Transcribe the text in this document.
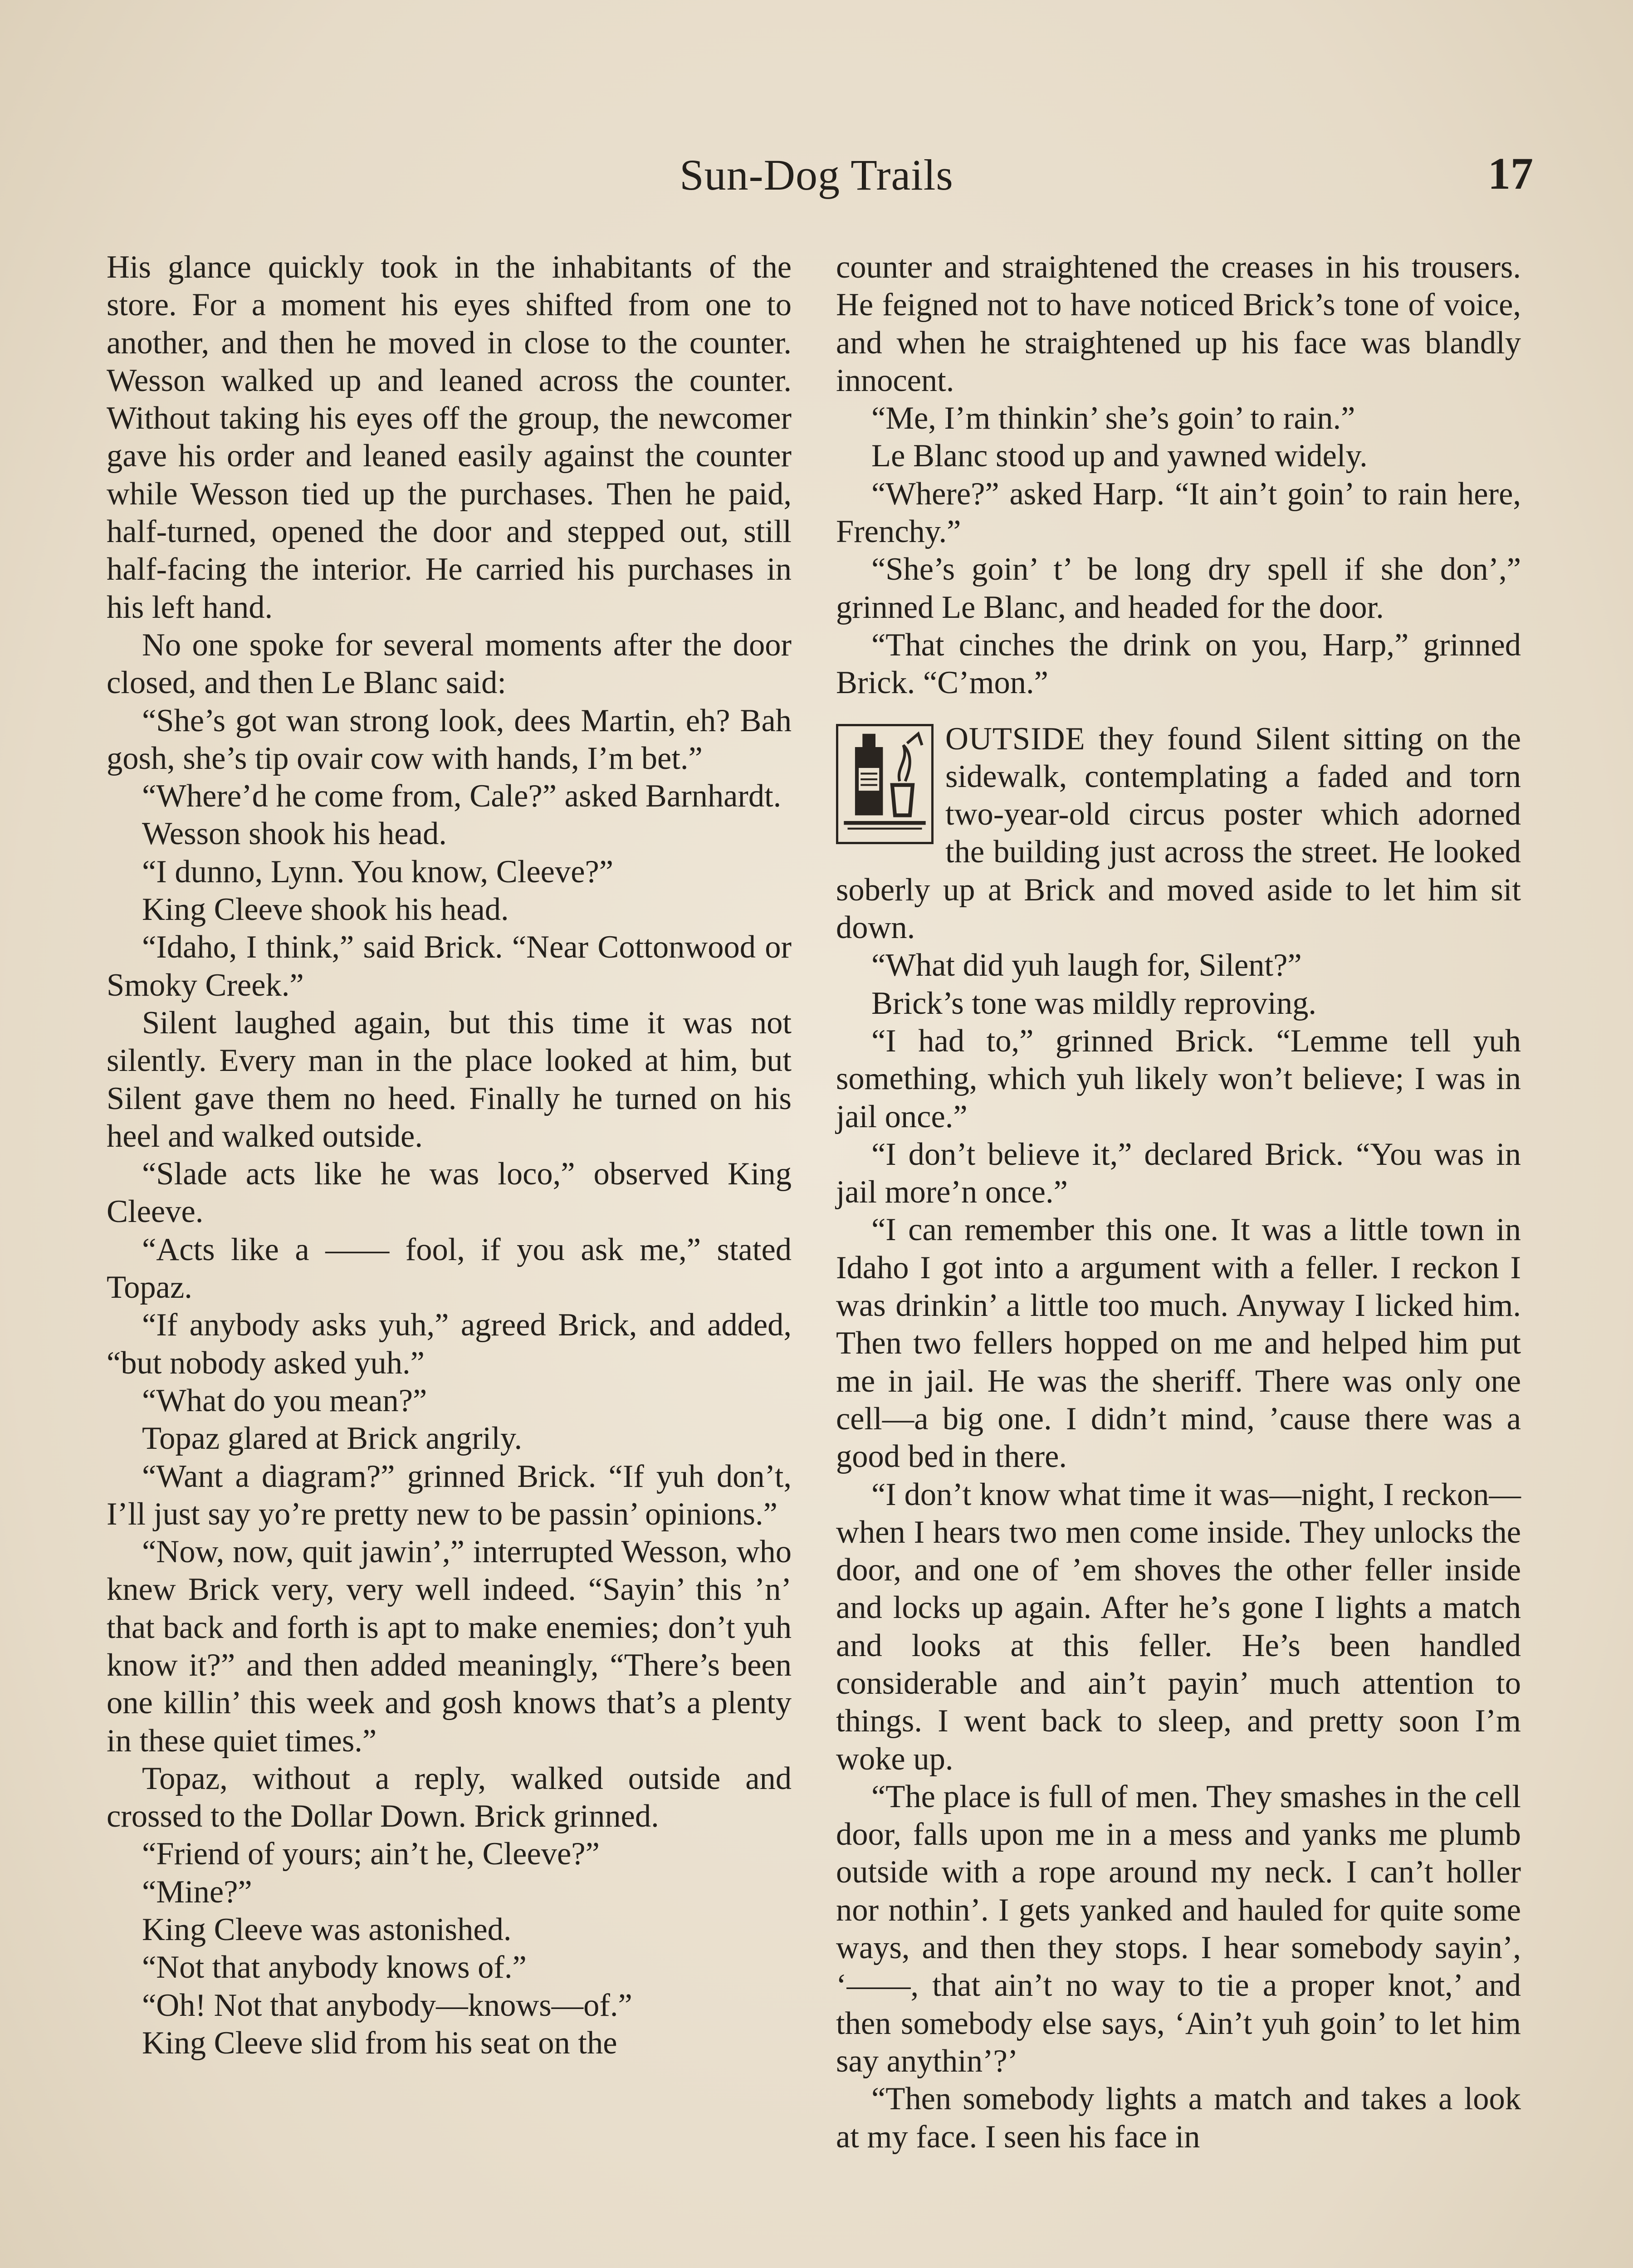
Sun-Dog Trails	17

His glance quickly took in the inhabitants of the store. For a moment his eyes shifted from one to another, and then he moved in close to the counter. Wesson walked up and leaned across the counter. Without taking his eyes off the group, the newcomer gave his order and leaned easily against the counter while Wesson tied up the purchases. Then he paid, half-turned, opened the door and stepped out, still half-facing the interior. He carried his purchases in his left hand.

No one spoke for several moments after the door closed, and then Le Blanc said:

“She’s got wan strong look, dees Martin, eh? Bah gosh, she’s tip ovair cow with hands, I’m bet.”

“Where’d he come from, Cale?” asked Barnhardt.

Wesson shook his head.

“I dunno, Lynn. You know, Cleeve?”

King Cleeve shook his head.

“Idaho, I think,” said Brick. “Near Cottonwood or Smoky Creek.”

Silent laughed again, but this time it was not silently. Every man in the place looked at him, but Silent gave them no heed. Finally he turned on his heel and walked outside.

“Slade acts like he was loco,” observed King Cleeve.

“Acts like a —— fool, if you ask me,” stated Topaz.

“If anybody asks yuh,” agreed Brick, and added, “but nobody asked yuh.”

“What do you mean?”

Topaz glared at Brick angrily.

“Want a diagram?” grinned Brick. “If yuh don’t, I’ll just say yo’re pretty new to be passin’ opinions.”

“Now, now, quit jawin’,” interrupted Wesson, who knew Brick very, very well indeed. “Sayin’ this ’n’ that back and forth is apt to make enemies; don’t yuh know it?” and then added meaningly, “There’s been one killin’ this week and gosh knows that’s a plenty in these quiet times.”

Topaz, without a reply, walked outside and crossed to the Dollar Down. Brick grinned.

“Friend of yours; ain’t he, Cleeve?”

“Mine?”

King Cleeve was astonished.

“Not that anybody knows of.”

“Oh! Not that anybody—knows—of.”

King Cleeve slid from his seat on the

counter and straightened the creases in his trousers. He feigned not to have noticed Brick’s tone of voice, and when he straightened up his face was blandly innocent.

“Me, I’m thinkin’ she’s goin’ to rain.”

Le Blanc stood up and yawned widely.

“Where?” asked Harp. “It ain’t goin’ to rain here, Frenchy.”

“She’s goin’ t’ be long dry spell if she don’,” grinned Le Blanc, and headed for the door.

“That cinches the drink on you, Harp,” grinned Brick. “C’mon.”

OUTSIDE they found Silent sitting on the sidewalk, contemplating a faded and torn two-year-old circus poster which adorned the building just across the street. He looked soberly up at Brick and moved aside to let him sit down.

“What did yuh laugh for, Silent?”

Brick’s tone was mildly reproving.

“I had to,” grinned Brick. “Lemme tell yuh something, which yuh likely won’t believe; I was in jail once.”

“I don’t believe it,” declared Brick. “You was in jail more’n once.”

“I can remember this one. It was a little town in Idaho I got into a argument with a feller. I reckon I was drinkin’ a little too much. Anyway I licked him. Then two fellers hopped on me and helped him put me in jail. He was the sheriff. There was only one cell—a big one. I didn’t mind, ’cause there was a good bed in there.

“I don’t know what time it was—night, I reckon—when I hears two men come inside. They unlocks the door, and one of ’em shoves the other feller inside and locks up again. After he’s gone I lights a match and looks at this feller. He’s been handled considerable and ain’t payin’ much attention to things. I went back to sleep, and pretty soon I’m woke up.

“The place is full of men. They smashes in the cell door, falls upon me in a mess and yanks me plumb outside with a rope around my neck. I can’t holler nor nothin’. I gets yanked and hauled for quite some ways, and then they stops. I hear somebody sayin’, ‘——, that ain’t no way to tie a proper knot,’ and then somebody else says, ‘Ain’t yuh goin’ to let him say anythin’?’

“Then somebody lights a match and takes a look at my face. I seen his face in
